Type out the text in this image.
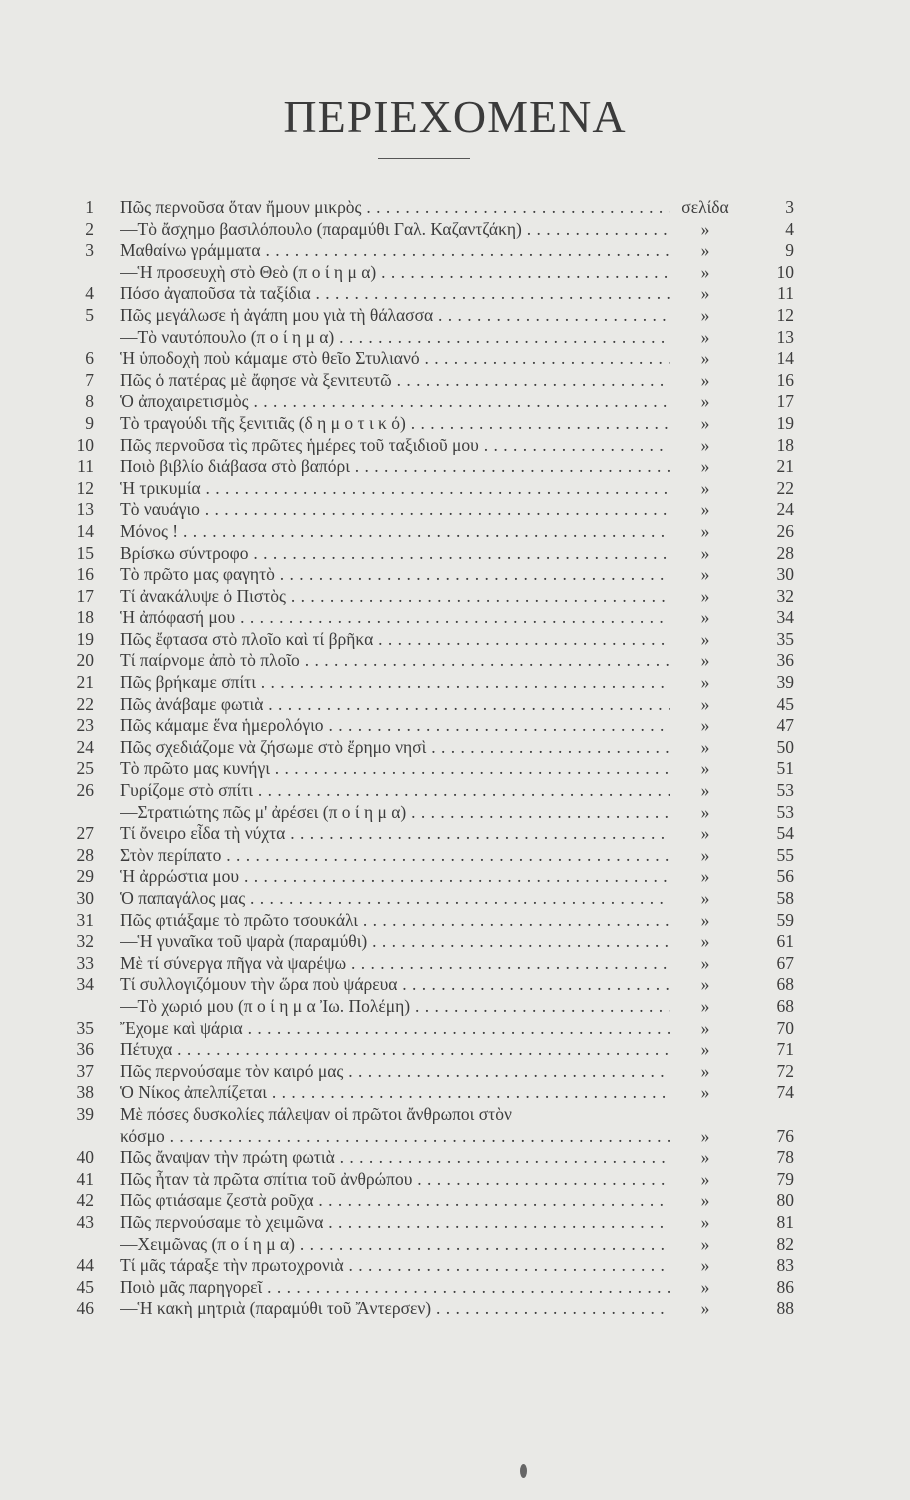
ΠΕΡΙΕΧΟΜΕΝΑ
1 Πῶς περνοῦσα ὅταν ἤμουν μικρὸς . . .	σελίδα	3
2 —Τὸ ἄσχημο βασιλόπουλο (παραμύθι Γαλ. Καζαντζάκη) . . .	»	4
3 Μαθαίνω γράμματα . . .	»	9
—Ἡ προσευχὴ στὸ Θεὸ (π ο ί η μ α) . . .	»	10
4 Πόσο ἀγαποῦσα τὰ ταξίδια . . .	»	11
5 Πῶς μεγάλωσε ἡ ἀγάπη μου γιὰ τὴ θάλασσα . . .	»	12
—Τὸ ναυτόπουλο (π ο ί η μ α) . . .	»	13
6 Ἡ ὑποδοχὴ ποὺ κάμαμε στὸ θεῖο Στυλιανό . . .	»	14
7 Πῶς ὁ πατέρας μὲ ἄφησε νὰ ξενιτευτῶ . . .	»	16
8 Ὁ ἀποχαιρετισμὸς . . .	»	17
9 Τὸ τραγούδι τῆς ξενιτιᾶς (δ η μ ο τ ι κ ό) . . .	»	19
10 Πῶς περνοῦσα τὶς πρῶτες ἡμέρες τοῦ ταξιδιοῦ μου . . .	»	18
11 Ποιὸ βιβλίο διάβασα στὸ βαπόρι . . .	»	21
12 Ἡ τρικυμία . . .	»	22
13 Τὸ ναυάγιο . . .	»	24
14 Μόνος ! . . .	»	26
15 Βρίσκω σύντροφο . . .	»	28
16 Τὸ πρῶτο μας φαγητὸ . . .	»	30
17 Τί ἀνακάλυψε ὁ Πιστὸς . . .	»	32
18 Ἡ ἀπόφασή μου . . .	»	34
19 Πῶς ἔφτασα στὸ πλοῖο καὶ τί βρῆκα . . .	»	35
20 Τί παίρνομε ἀπὸ τὸ πλοῖο . . .	»	36
21 Πῶς βρήκαμε σπίτι . . .	»	39
22 Πῶς ἀνάβαμε φωτιὰ . . .	»	45
23 Πῶς κάμαμε ἕνα ἡμερολόγιο . . .	»	47
24 Πῶς σχεδιάζομε νὰ ζήσωμε στὸ ἔρημο νησὶ . . .	»	50
25 Τὸ πρῶτο μας κυνήγι . . .	»	51
26 Γυρίζομε στὸ σπίτι . . .	»	53
—Στρατιώτης πῶς μ' ἀρέσει (π ο ί η μ α) . . .	»	53
27 Τί ὄνειρο εἶδα τὴ νύχτα . . .	»	54
28 Στὸν περίπατο . . .	»	55
29 Ἡ ἀρρώστια μου . . .	»	56
30 Ὁ παπαγάλος μας . . .	»	58
31 Πῶς φτιάξαμε τὸ πρῶτο τσουκάλι . . .	»	59
32 —Ἡ γυναῖκα τοῦ ψαρὰ (παραμύθι) . . .	»	61
33 Μὲ τί σύνεργα πῆγα νὰ ψαρέψω . . .	»	67
34 Τί συλλογιζόμουν τὴν ὥρα ποὺ ψάρευα . . .	»	68
—Τὸ χωριό μου (π ο ί η μ α Ἰω. Πολέμη) . . .	»	68
35 Ἔχομε καὶ ψάρια . . .	»	70
36 Πέτυχα . . .	»	71
37 Πῶς περνούσαμε τὸν καιρό μας . . .	»	72
38 Ὁ Νίκος ἀπελπίζεται . . .	»	74
39 Μὲ πόσες δυσκολίες πάλεψαν οἱ πρῶτοι ἄνθρωποι στὸν
κόσμο . . .	»	76
40 Πῶς ἄναψαν τὴν πρώτη φωτιὰ . . .	»	78
41 Πῶς ἦταν τὰ πρῶτα σπίτια τοῦ ἀνθρώπου . . .	»	79
42 Πῶς φτιάσαμε ζεστὰ ροῦχα . . .	»	80
43 Πῶς περνούσαμε τὸ χειμῶνα . . .	»	81
—Χειμῶνας (π ο ί η μ α) . . .	»	82
44 Τί μᾶς τάραξε τὴν πρωτοχρονιὰ . . .	»	83
45 Ποιὸ μᾶς παρηγορεῖ . . .	»	86
46 —Ἡ κακὴ μητριὰ (παραμύθι τοῦ Ἄντερσεν) . . .	»	88
